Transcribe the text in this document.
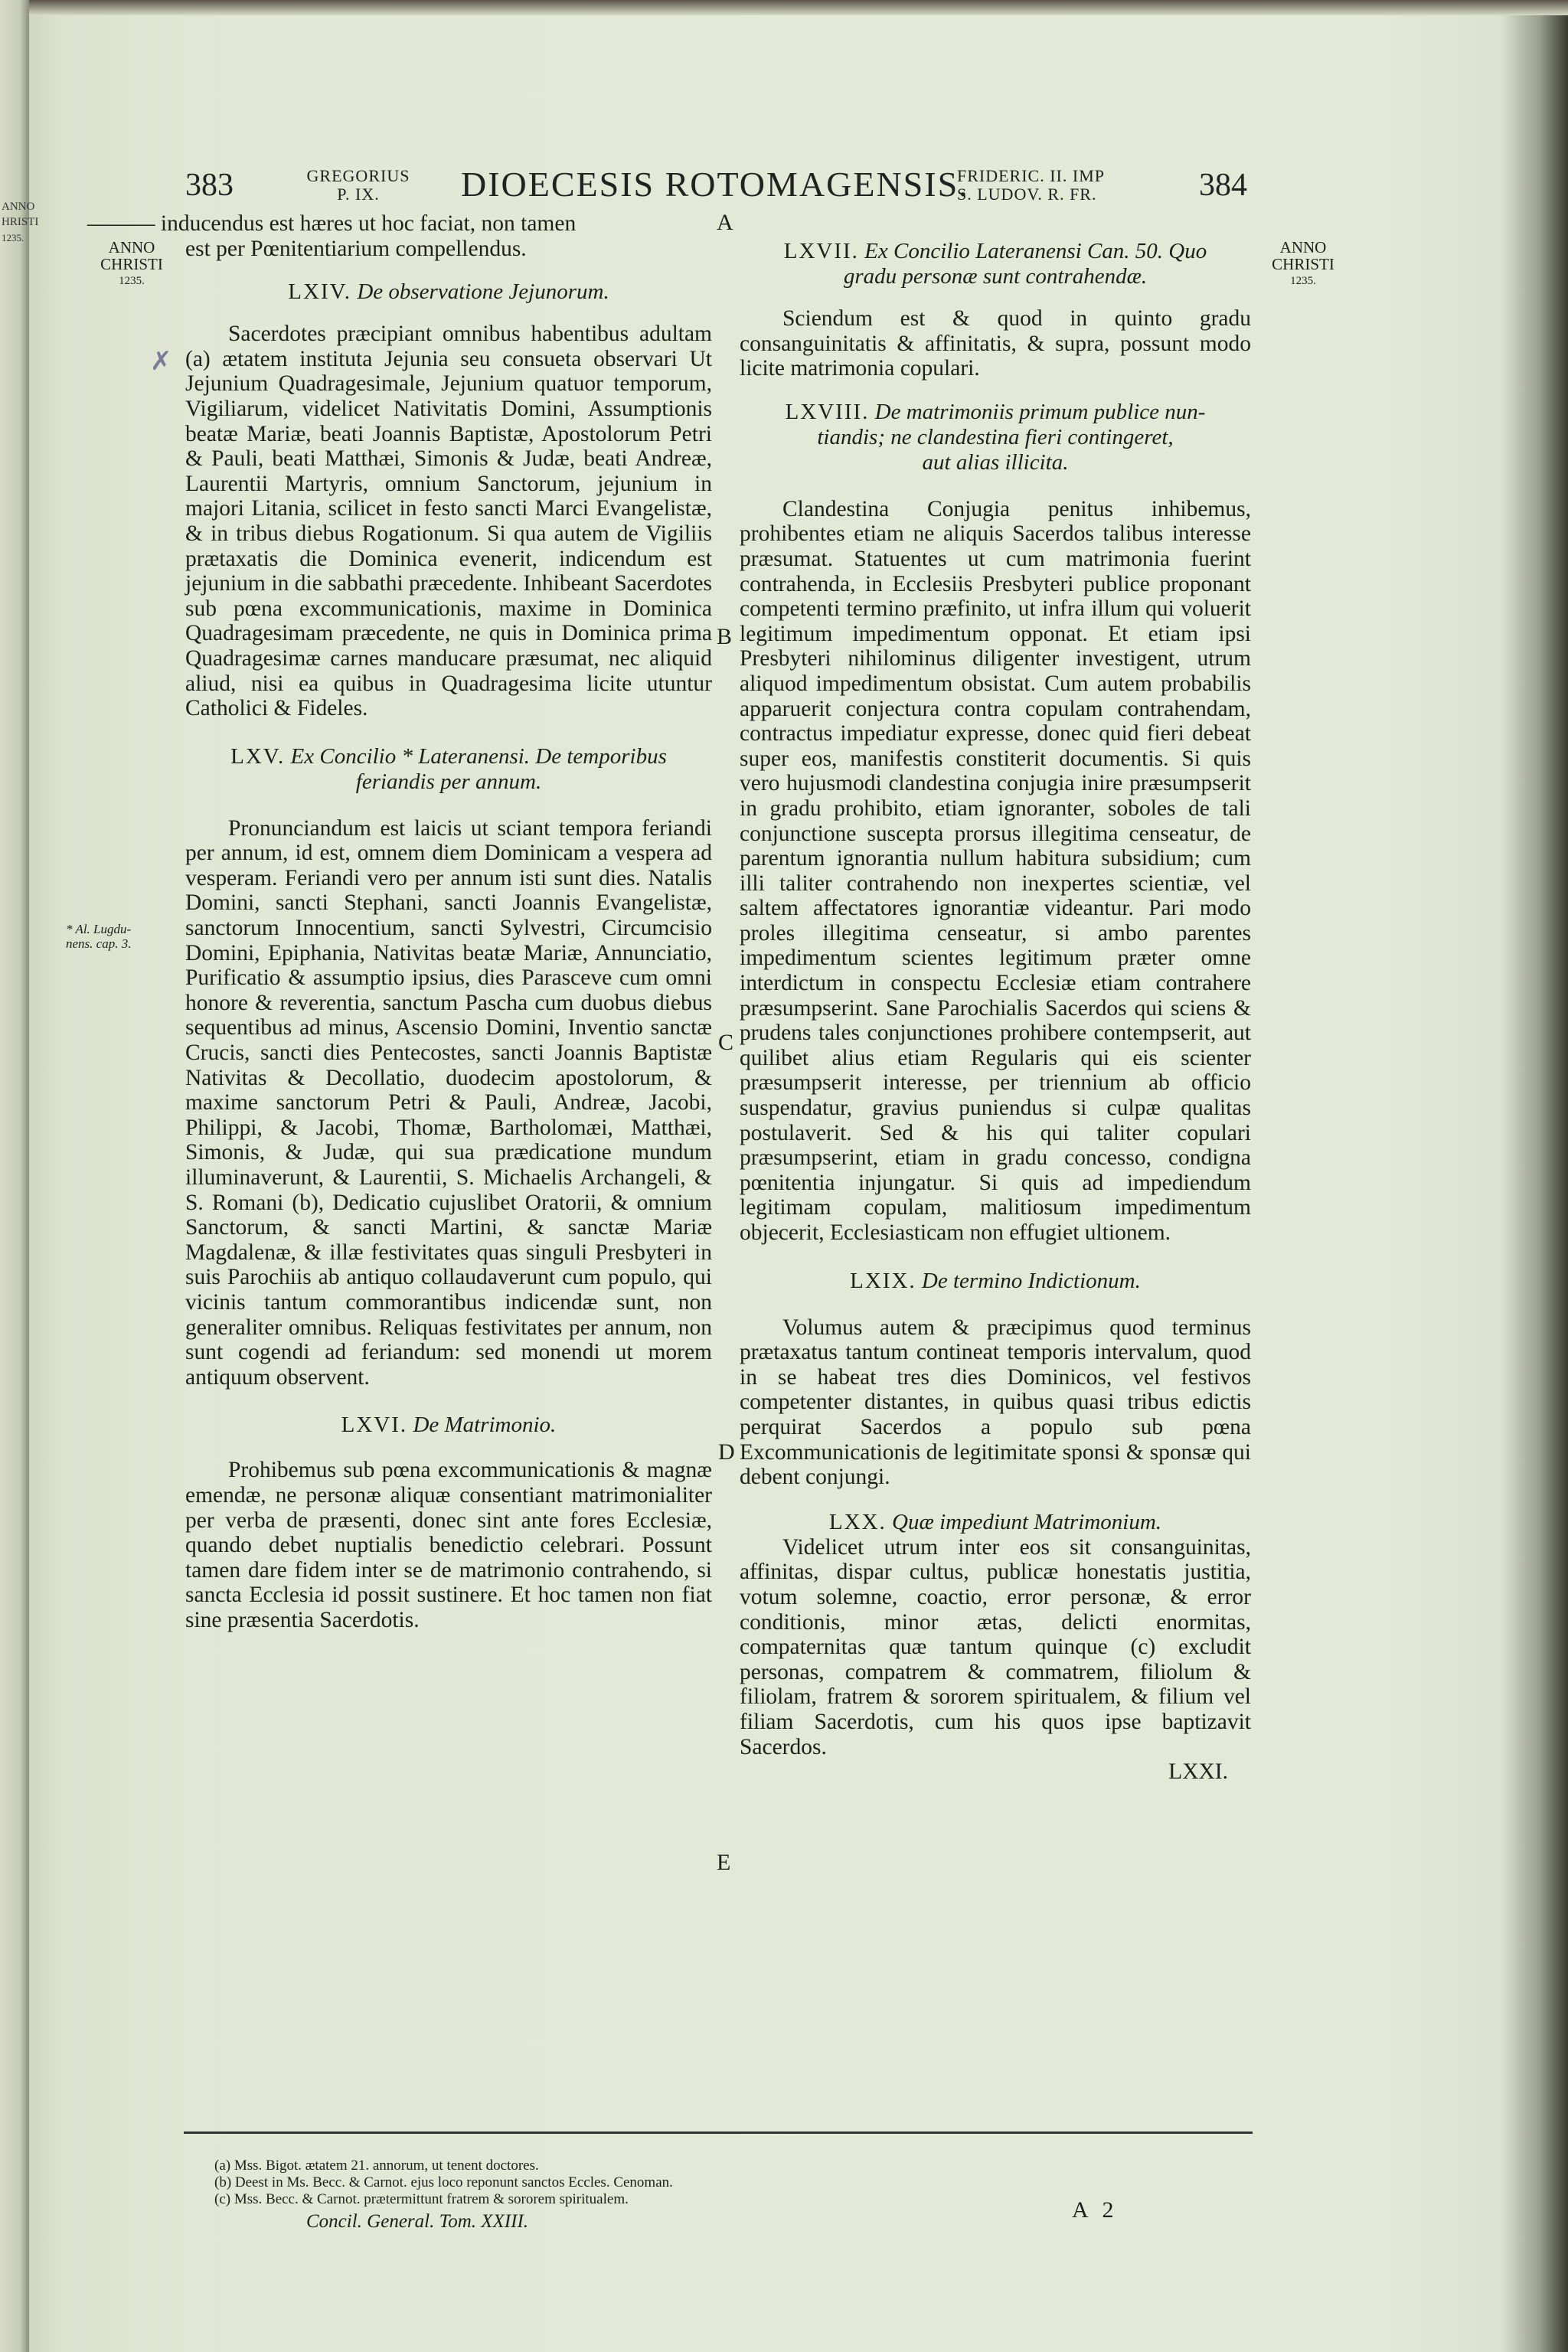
ANNO
HRISTI
1235.
383	GREGORIUS
P. IX.	DIOECESIS ROTOMAGENSIS.
FRIDERIC. II. IMP
S. LUDOV. R. FR.	384
ANNO
CHRISTI
1235.
ANNO
CHRISTI
1235.
* Al. Lugdu-
nens. cap. 3.
✗
A
B
C
D
E

——— inducendus est hæres ut hoc faciat, non tamen

est per Pœnitentiarium compellendus.

LXIV. De observatione Jejunorum.

Sacerdotes præcipiant omnibus habentibus adultam (a) ætatem instituta Jejunia seu consueta observari Ut Jejunium Quadragesimale, Jejunium quatuor temporum, Vigiliarum, videlicet Nativitatis Domini, Assumptionis beatæ Mariæ, beati Joannis Baptistæ, Apostolorum Petri & Pauli, beati Matthæi, Simonis & Judæ, beati Andreæ, Laurentii Martyris, omnium Sanctorum, jejunium in majori Litania, scilicet in festo sancti Marci Evangelistæ, & in tribus diebus Rogationum. Si qua autem de Vigiliis prætaxatis die Dominica evenerit, indicendum est jejunium in die sabbathi præcedente. Inhibeant Sacerdotes sub pœna excommunicationis, maxime in Dominica Quadragesimam præcedente, ne quis in Dominica prima Quadragesimæ carnes manducare præsumat, nec aliquid aliud, nisi ea quibus in Quadragesima licite utuntur Catholici & Fideles.

LXV. Ex Concilio * Lateranensi. De temporibus

feriandis per annum.

Pronunciandum est laicis ut sciant tempora feriandi per annum, id est, omnem diem Dominicam a vespera ad vesperam. Feriandi vero per annum isti sunt dies. Natalis Domini, sancti Stephani, sancti Joannis Evangelistæ, sanctorum Innocentium, sancti Sylvestri, Circumcisio Domini, Epiphania, Nativitas beatæ Mariæ, Annunciatio, Purificatio & assumptio ipsius, dies Parasceve cum omni honore & reverentia, sanctum Pascha cum duobus diebus sequentibus ad minus, Ascensio Domini, Inventio sanctæ Crucis, sancti dies Pentecostes, sancti Joannis Baptistæ Nativitas & Decollatio, duodecim apostolorum, & maxime sanctorum Petri & Pauli, Andreæ, Jacobi, Philippi, & Jacobi, Thomæ, Bartholomæi, Matthæi, Simonis, & Judæ, qui sua prædicatione mundum illuminaverunt, & Laurentii, S. Michaelis Archangeli, & S. Romani (b), Dedicatio cujuslibet Oratorii, & omnium Sanctorum, & sancti Martini, & sanctæ Mariæ Magdalenæ, & illæ festivitates quas singuli Presbyteri in suis Parochiis ab antiquo collaudaverunt cum populo, qui vicinis tantum commorantibus indicendæ sunt, non generaliter omnibus. Reliquas festivitates per annum, non sunt cogendi ad feriandum: sed monendi ut morem antiquum observent.

LXVI. De Matrimonio.

Prohibemus sub pœna excommunicationis & magnæ emendæ, ne personæ aliquæ consentiant matrimonialiter per verba de præsenti, donec sint ante fores Ecclesiæ, quando debet nuptialis benedictio celebrari. Possunt tamen dare fidem inter se de matrimonio contrahendo, si sancta Ecclesia id possit sustinere. Et hoc tamen non fiat sine præsentia Sacerdotis.

LXVII. Ex Concilio Lateranensi Can. 50. Quo

gradu personæ sunt contrahendæ.

Sciendum est & quod in quinto gradu consanguinitatis & affinitatis, & supra, possunt modo licite matrimonia copulari.

LXVIII. De matrimoniis primum publice nun-

tiandis; ne clandestina fieri contingeret,

aut alias illicita.

Clandestina Conjugia penitus inhibemus, prohibentes etiam ne aliquis Sacerdos talibus interesse præsumat. Statuentes ut cum matrimonia fuerint contrahenda, in Ecclesiis Presbyteri publice proponant competenti termino præfinito, ut infra illum qui voluerit legitimum impedimentum opponat. Et etiam ipsi Presbyteri nihilominus diligenter investigent, utrum aliquod impedimentum obsistat. Cum autem probabilis apparuerit conjectura contra copulam contrahendam, contractus impediatur expresse, donec quid fieri debeat super eos, manifestis constiterit documentis. Si quis vero hujusmodi clandestina conjugia inire præsumpserit in gradu prohibito, etiam ignoranter, soboles de tali conjunctione suscepta prorsus illegitima censeatur, de parentum ignorantia nullum habitura subsidium; cum illi taliter contrahendo non inexpertes scientiæ, vel saltem affectatores ignorantiæ videantur. Pari modo proles illegitima censeatur, si ambo parentes impedimentum scientes legitimum præter omne interdictum in conspectu Ecclesiæ etiam contrahere præsumpserint. Sane Parochialis Sacerdos qui sciens & prudens tales conjunctiones prohibere contempserit, aut quilibet alius etiam Regularis qui eis scienter præsumpserit interesse, per triennium ab officio suspendatur, gravius puniendus si culpæ qualitas postulaverit. Sed & his qui taliter copulari præsumpserint, etiam in gradu concesso, condigna pœnitentia injungatur. Si quis ad impediendum legitimam copulam, malitiosum impedimentum objecerit, Ecclesiasticam non effugiet ultionem.

LXIX. De termino Indictionum.

Volumus autem & præcipimus quod terminus prætaxatus tantum contineat temporis intervalum, quod in se habeat tres dies Dominicos, vel festivos competenter distantes, in quibus quasi tribus edictis perquirat Sacerdos a populo sub pœna Excommunicationis de legitimitate sponsi & sponsæ qui debent conjungi.

LXX. Quæ impediunt Matrimonium.

Videlicet utrum inter eos sit consanguinitas, affinitas, dispar cultus, publicæ honestatis justitia, votum solemne, coactio, error personæ, & error conditionis, minor ætas, delicti enormitas, compaternitas quæ tantum quinque (c) excludit personas, compatrem & commatrem, filiolum & filiolam, fratrem & sororem spiritualem, & filium vel filiam Sacerdotis, cum his quos ipse baptizavit Sacerdos.

LXXI.

(a) Mss. Bigot. ætatem 21. annorum, ut tenent doctores.
(b) Deest in Ms. Becc. & Carnot. ejus loco reponunt sanctos Eccles. Cenoman.
(c) Mss. Becc. & Carnot. prætermittunt fratrem & sororem spiritualem.
Concil. General. Tom. XXIII.	A 2
